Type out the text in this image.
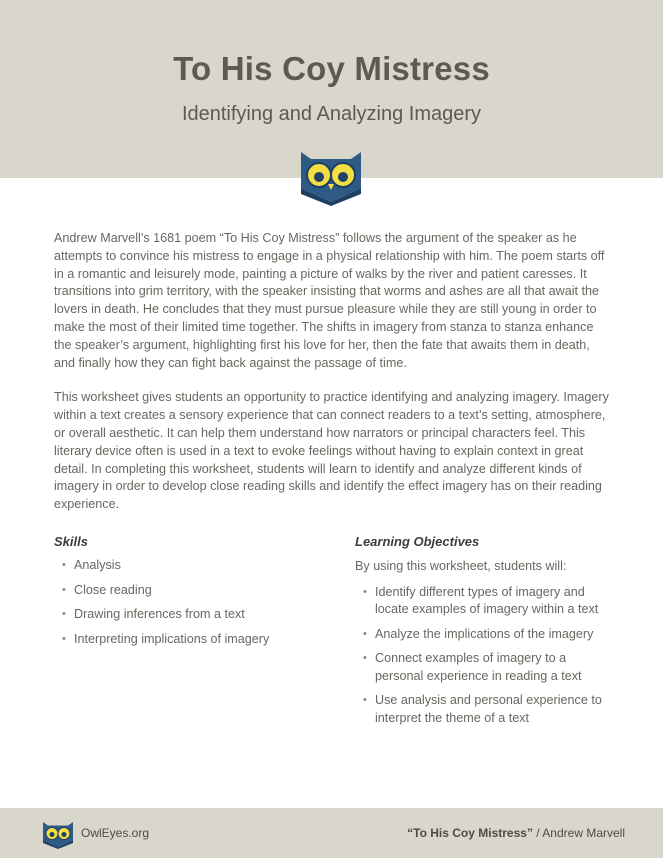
To His Coy Mistress
Identifying and Analyzing Imagery

Andrew Marvell’s 1681 poem “To His Coy Mistress” follows the argument of the speaker as he attempts to convince his mistress to engage in a physical relationship with him. The poem starts off in a romantic and leisurely mode, painting a picture of walks by the river and patient caresses. It transitions into grim territory, with the speaker insisting that worms and ashes are all that await the lovers in death. He concludes that they must pursue pleasure while they are still young in order to make the most of their limited time together. The shifts in imagery from stanza to stanza enhance the speaker’s argument, highlighting first his love for her, then the fate that awaits them in death, and finally how they can fight back against the passage of time.

This worksheet gives students an opportunity to practice identifying and analyzing imagery. Imagery within a text creates a sensory experience that can connect readers to a text’s setting, atmosphere, or overall aesthetic. It can help them understand how narrators or principal characters feel. This literary device often is used in a text to evoke feelings without having to explain context in great detail. In completing this worksheet, students will learn to identify and analyze different kinds of imagery in order to develop close reading skills and identify the effect imagery has on their reading experience.

Skills
• Analysis
• Close reading
• Drawing inferences from a text
• Interpreting implications of imagery
Learning Objectives

By using this worksheet, students will:

• Identify different types of imagery and locate examples of imagery within a text
• Analyze the implications of the imagery
• Connect examples of imagery to a personal experience in reading a text
• Use analysis and personal experience to interpret the theme of a text
OwlEyes.org	“To His Coy Mistress” / Andrew Marvell
